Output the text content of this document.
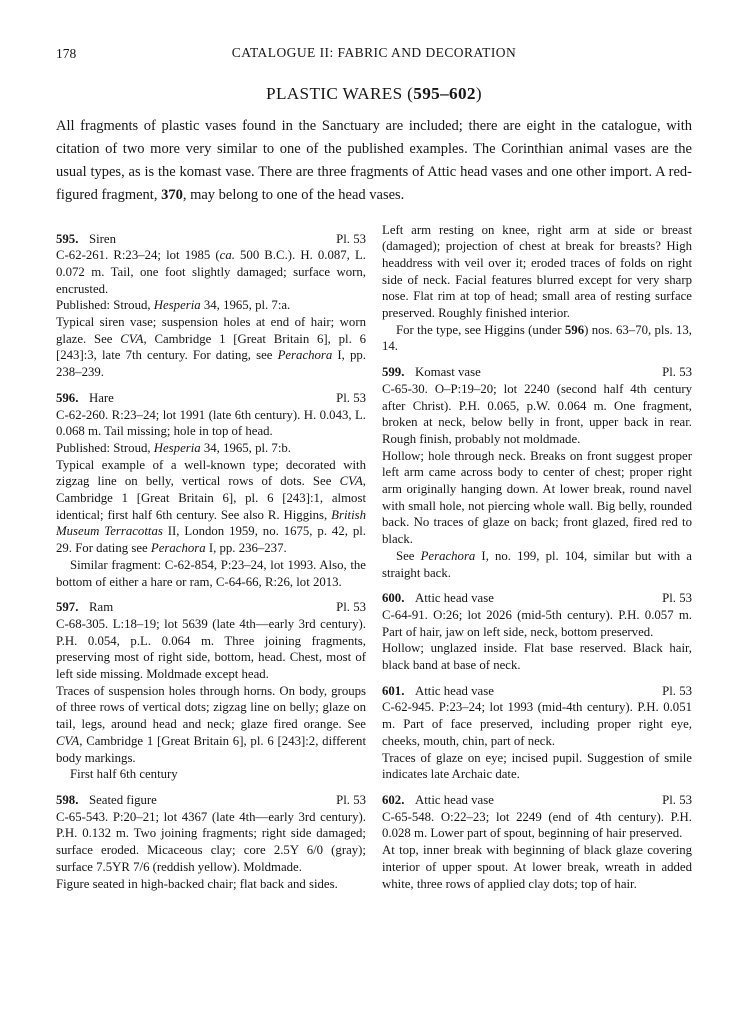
178	CATALOGUE II: FABRIC AND DECORATION
PLASTIC WARES (595–602)

All fragments of plastic vases found in the Sanctuary are included; there are eight in the catalogue, with citation of two more very similar to one of the published examples. The Corinthian animal vases are the usual types, as is the komast vase. There are three fragments of Attic head vases and one other import. A red-figured fragment, 370, may belong to one of the head vases.

595. Siren	Pl. 53

C-62-261. R:23–24; lot 1985 (ca. 500 B.C.). H. 0.087, L. 0.072 m. Tail, one foot slightly damaged; surface worn, encrusted.

Published: Stroud, Hesperia 34, 1965, pl. 7:a.

Typical siren vase; suspension holes at end of hair; worn glaze. See CVA, Cambridge 1 [Great Britain 6], pl. 6 [243]:3, late 7th century. For dating, see Perachora I, pp. 238–239.

596. Hare	Pl. 53

C-62-260. R:23–24; lot 1991 (late 6th century). H. 0.043, L. 0.068 m. Tail missing; hole in top of head.

Published: Stroud, Hesperia 34, 1965, pl. 7:b.

Typical example of a well-known type; decorated with zigzag line on belly, vertical rows of dots. See CVA, Cambridge 1 [Great Britain 6], pl. 6 [243]:1, almost identical; first half 6th century. See also R. Higgins, British Museum Terracottas II, London 1959, no. 1675, p. 42, pl. 29. For dating see Perachora I, pp. 236–237.

Similar fragment: C-62-854, P:23–24, lot 1993. Also, the bottom of either a hare or ram, C-64-66, R:26, lot 2013.

597. Ram	Pl. 53

C-68-305. L:18–19; lot 5639 (late 4th—early 3rd century). P.H. 0.054, p.L. 0.064 m. Three joining fragments, preserving most of right side, bottom, head. Chest, most of left side missing. Moldmade except head.

Traces of suspension holes through horns. On body, groups of three rows of vertical dots; zigzag line on belly; glaze on tail, legs, around head and neck; glaze fired orange. See CVA, Cambridge 1 [Great Britain 6], pl. 6 [243]:2, different body markings.

First half 6th century

598. Seated figure	Pl. 53

C-65-543. P:20–21; lot 4367 (late 4th—early 3rd century). P.H. 0.132 m. Two joining fragments; right side damaged; surface eroded. Micaceous clay; core 2.5Y 6/0 (gray); surface 7.5YR 7/6 (reddish yellow). Moldmade.

Figure seated in high-backed chair; flat back and sides.

Left arm resting on knee, right arm at side or breast (damaged); projection of chest at break for breasts? High headdress with veil over it; eroded traces of folds on right side of neck. Facial features blurred except for very sharp nose. Flat rim at top of head; small area of resting surface preserved. Roughly finished interior.

For the type, see Higgins (under 596) nos. 63–70, pls. 13, 14.

599. Komast vase	Pl. 53

C-65-30. O–P:19–20; lot 2240 (second half 4th century after Christ). P.H. 0.065, p.W. 0.064 m. One fragment, broken at neck, below belly in front, upper back in rear. Rough finish, probably not moldmade.

Hollow; hole through neck. Breaks on front suggest proper left arm came across body to center of chest; proper right arm originally hanging down. At lower break, round navel with small hole, not piercing whole wall. Big belly, rounded back. No traces of glaze on back; front glazed, fired red to black.

See Perachora I, no. 199, pl. 104, similar but with a straight back.

600. Attic head vase	Pl. 53

C-64-91. O:26; lot 2026 (mid-5th century). P.H. 0.057 m. Part of hair, jaw on left side, neck, bottom preserved.

Hollow; unglazed inside. Flat base reserved. Black hair, black band at base of neck.

601. Attic head vase	Pl. 53

C-62-945. P:23–24; lot 1993 (mid-4th century). P.H. 0.051 m. Part of face preserved, including proper right eye, cheeks, mouth, chin, part of neck.

Traces of glaze on eye; incised pupil. Suggestion of smile indicates late Archaic date.

602. Attic head vase	Pl. 53

C-65-548. O:22–23; lot 2249 (end of 4th century). P.H. 0.028 m. Lower part of spout, beginning of hair preserved.

At top, inner break with beginning of black glaze covering interior of upper spout. At lower break, wreath in added white, three rows of applied clay dots; top of hair.
